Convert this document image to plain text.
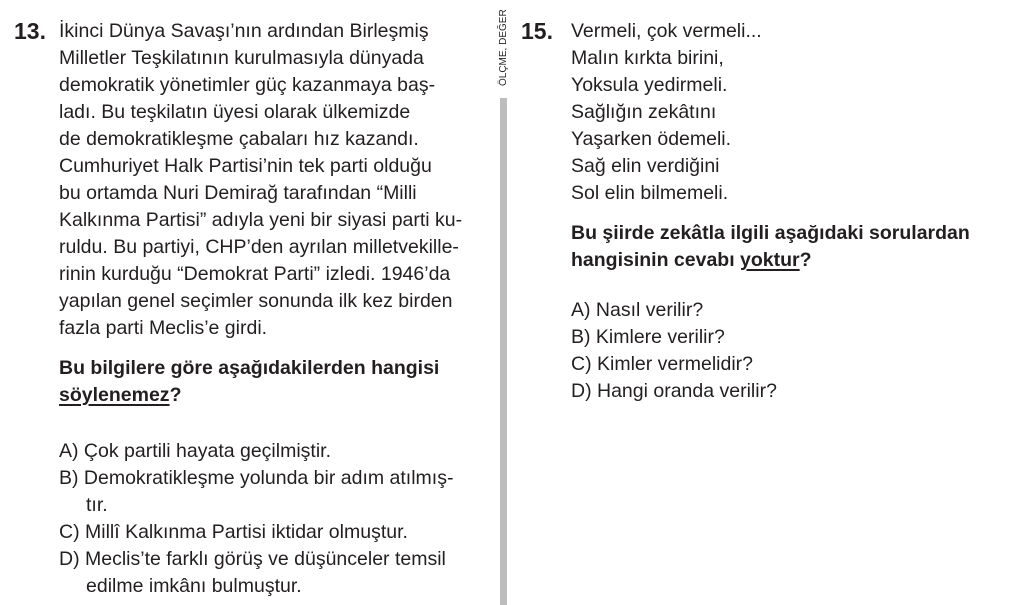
13. İkinci Dünya Savaşı’nın ardından Birleşmiş
Milletler Teşkilatının kurulmasıyla dünyada
demokratik yönetimler güç kazanmaya baş-
ladı. Bu teşkilatın üyesi olarak ülkemizde
de demokratikleşme çabaları hız kazandı.
Cumhuriyet Halk Partisi’nin tek parti olduğu
bu ortamda Nuri Demirağ tarafından “Milli
Kalkınma Partisi” adıyla yeni bir siyasi parti ku-
ruldu. Bu partiyi, CHP’den ayrılan milletvekille-
rinin kurduğu “Demokrat Parti” izledi. 1946’da
yapılan genel seçimler sonunda ilk kez birden
fazla parti Meclis’e girdi.
Bu bilgilere göre aşağıdakilerden hangisi
söylenemez?
A) Çok partili hayata geçilmiştir.
B) Demokratikleşme yolunda bir adım atılmış-
tır.
C) Millî Kalkınma Partisi iktidar olmuştur.
D) Meclis’te farklı görüş ve düşünceler temsil
edilme imkânı bulmuştur.
ÖLÇME, DEĞER 15. Vermeli, çok vermeli...
Malın kırkta birini,
Yoksula yedirmeli.
Sağlığın zekâtını
Yaşarken ödemeli.
Sağ elin verdiğini
Sol elin bilmemeli.
Bu şiirde zekâtla ilgili aşağıdaki sorulardan
hangisinin cevabı yoktur?
A) Nasıl verilir?
B) Kimlere verilir?
C) Kimler vermelidir?
D) Hangi oranda verilir?
